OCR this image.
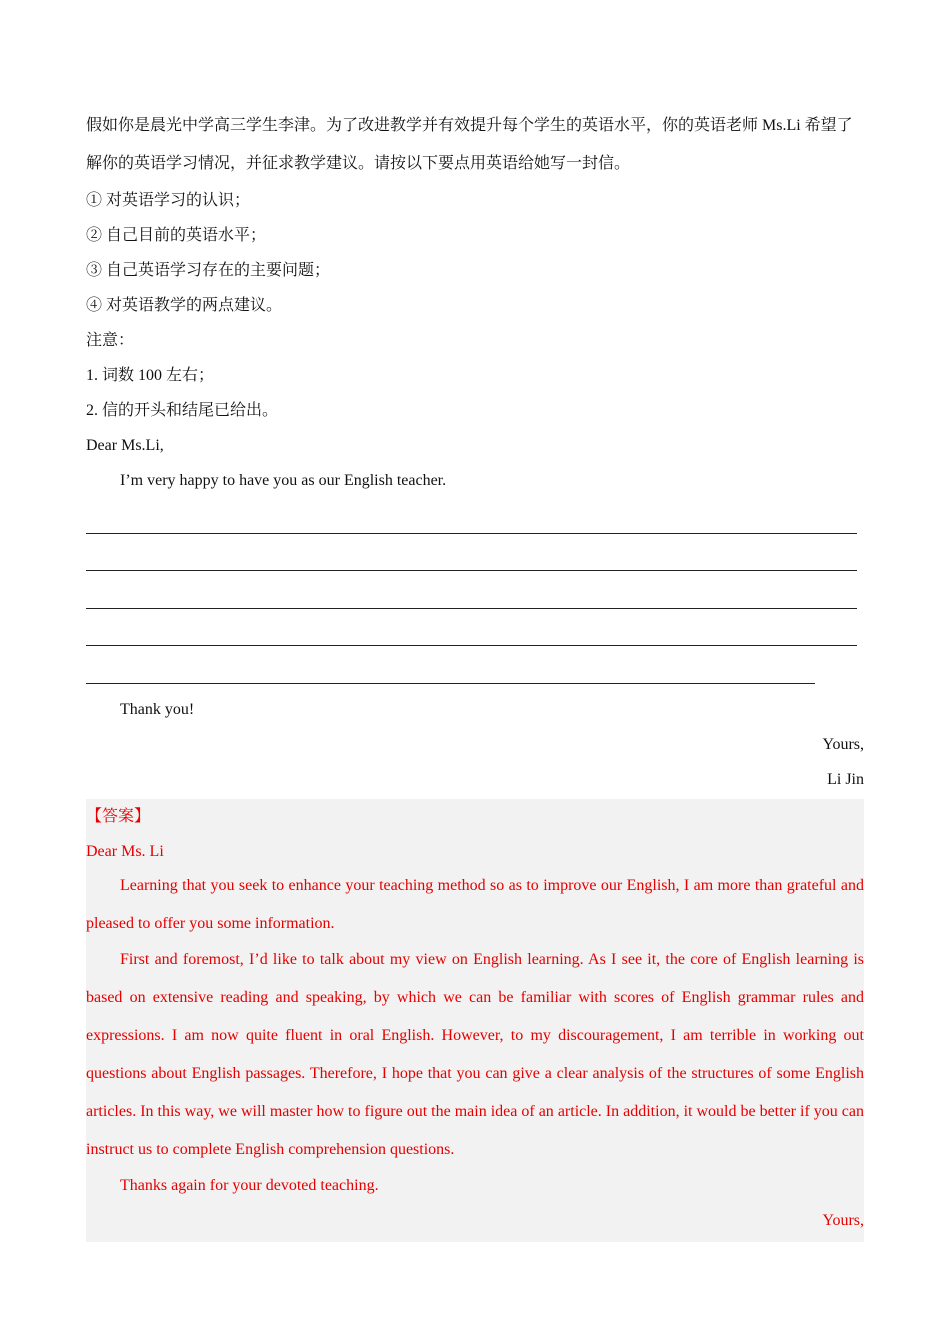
假如你是晨光中学高三学生李津。为了改进教学并有效提升每个学生的英语水平，你的英语老师 Ms.Li 希望了解你的英语学习情况，并征求教学建议。请按以下要点用英语给她写一封信。
① 对英语学习的认识；
② 自己目前的英语水平；
③ 自己英语学习存在的主要问题；
④ 对英语教学的两点建议。
注意：
1. 词数 100 左右；
2. 信的开头和结尾已给出。
Dear Ms.Li,
I’m very happy to have you as our English teacher.
Thank you!
Yours,
Li Jin
【答案】
Dear Ms. Li
Learning that you seek to enhance your teaching method so as to improve our English, I am more than grateful and pleased to offer you some information.
First and foremost, I’d like to talk about my view on English learning. As I see it, the core of English learning is based on extensive reading and speaking, by which we can be familiar with scores of English grammar rules and expressions. I am now quite fluent in oral English. However, to my discouragement, I am terrible in working out questions about English passages. Therefore, I hope that you can give a clear analysis of the structures of some English articles. In this way, we will master how to figure out the main idea of an article. In addition, it would be better if you can instruct us to complete English comprehension questions.
Thanks again for your devoted teaching.
Yours,
